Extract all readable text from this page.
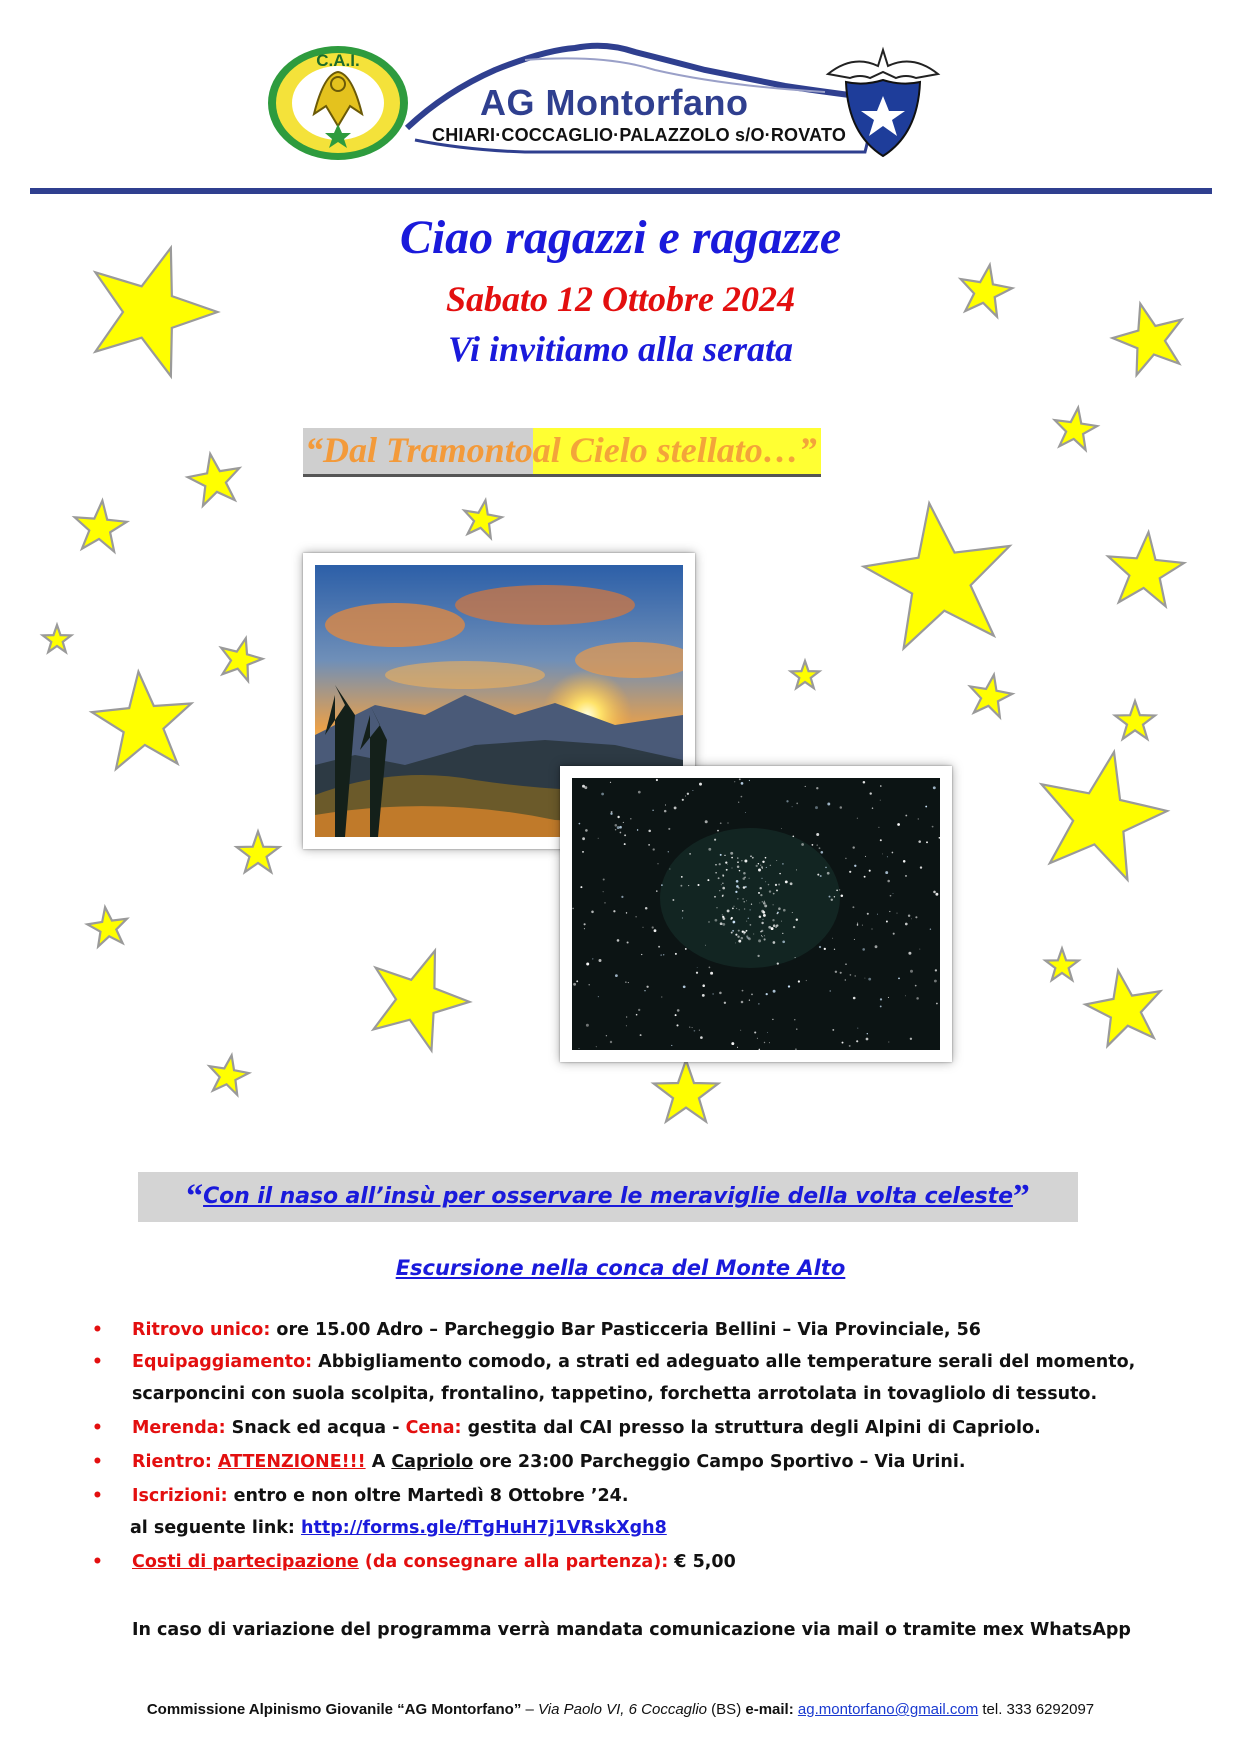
C.A.I.
AG Montorfano
CHIARI·COCCAGLIO·PALAZZOLO s/O·ROVATO
Ciao ragazzi e ragazze
Sabato 12 Ottobre 2024
Vi invitiamo alla serata
“Dal Tramontoal Cielo stellato…”
“Con il naso all’insù per osservare le meraviglie della volta celeste”
Escursione nella conca del Monte Alto
• Ritrovo unico: ore 15.00 Adro – Parcheggio Bar Pasticceria Bellini – Via Provinciale, 56
• Equipaggiamento: Abbigliamento comodo, a strati ed adeguato alle temperature serali del momento,
scarponcini con suola scolpita, frontalino, tappetino, forchetta arrotolata in tovagliolo di tessuto.
• Merenda: Snack ed acqua - Cena: gestita dal CAI presso la struttura degli Alpini di Capriolo.
• Rientro: ATTENZIONE!!! A Capriolo ore 23:00 Parcheggio Campo Sportivo – Via Urini.
• Iscrizioni: entro e non oltre Martedì 8 Ottobre ’24.
al seguente link: http://forms.gle/fTgHuH7j1VRskXgh8
• Costi di partecipazione (da consegnare alla partenza): € 5,00
In caso di variazione del programma verrà mandata comunicazione via mail o tramite mex WhatsApp
Commissione Alpinismo Giovanile “AG Montorfano” – Via Paolo VI, 6 Coccaglio (BS) e-mail: ag.montorfano@gmail.com tel. 333 6292097
